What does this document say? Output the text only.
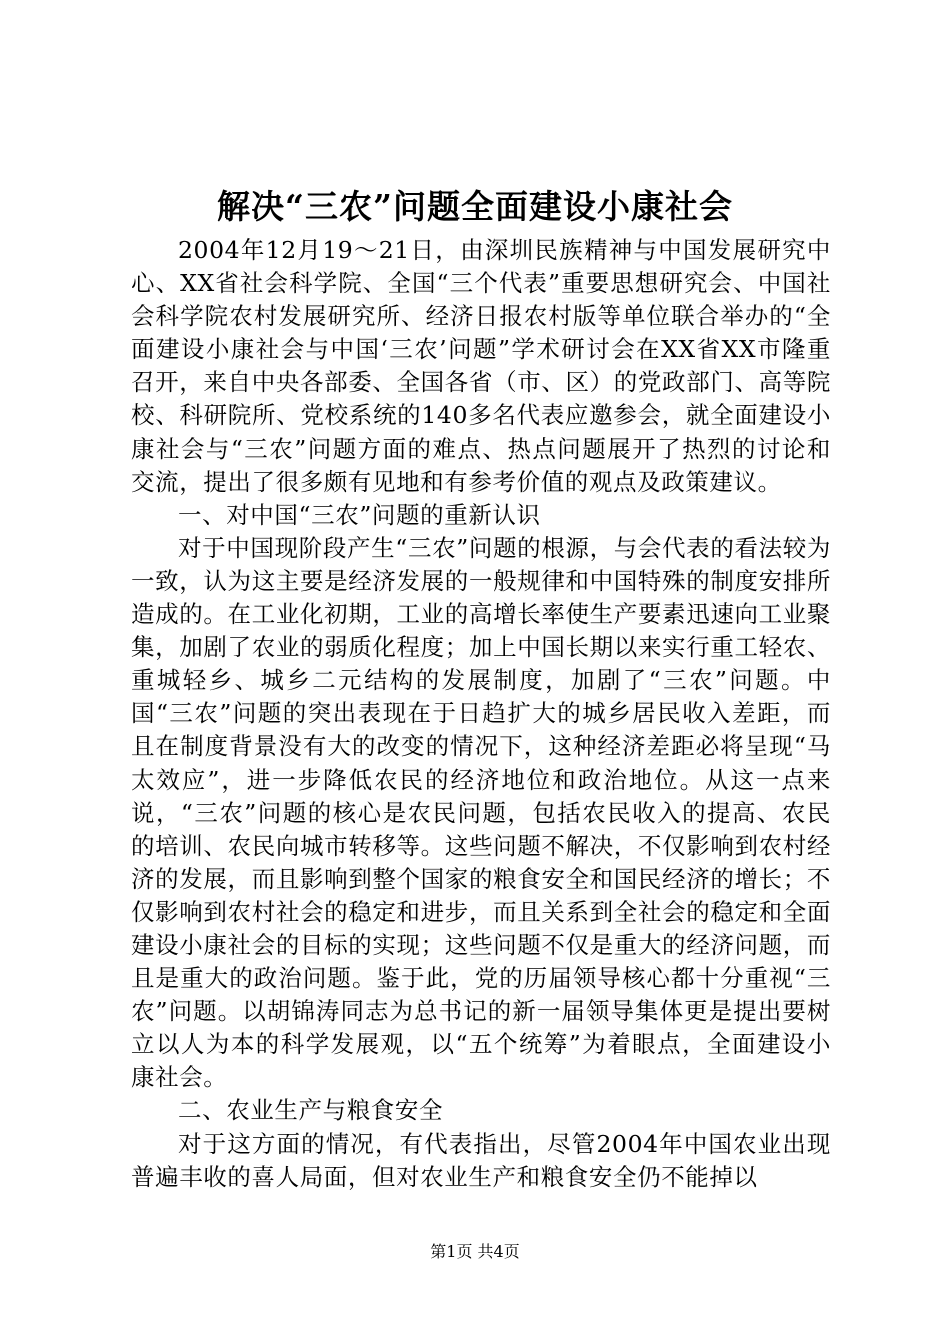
解决“三农”问题全面建设小康社会

2004年12月19～21日，由深圳民族精神与中国发展研究中心、XX省社会科学院、全国“三个代表”重要思想研究会、中国社会科学院农村发展研究所、经济日报农村版等单位联合举办的“全面建设小康社会与中国‘三农’问题”学术研讨会在XX省XX市隆重召开，来自中央各部委、全国各省（市、区）的党政部门、高等院校、科研院所、党校系统的140多名代表应邀参会，就全面建设小康社会与“三农”问题方面的难点、热点问题展开了热烈的讨论和交流，提出了很多颇有见地和有参考价值的观点及政策建议。

一、对中国“三农”问题的重新认识

对于中国现阶段产生“三农”问题的根源，与会代表的看法较为一致，认为这主要是经济发展的一般规律和中国特殊的制度安排所造成的。在工业化初期，工业的高增长率使生产要素迅速向工业聚集，加剧了农业的弱质化程度；加上中国长期以来实行重工轻农、重城轻乡、城乡二元结构的发展制度，加剧了“三农”问题。中国“三农”问题的突出表现在于日趋扩大的城乡居民收入差距，而且在制度背景没有大的改变的情况下，这种经济差距必将呈现“马太效应”，进一步降低农民的经济地位和政治地位。从这一点来说，“三农”问题的核心是农民问题，包括农民收入的提高、农民的培训、农民向城市转移等。这些问题不解决，不仅影响到农村经济的发展，而且影响到整个国家的粮食安全和国民经济的增长；不仅影响到农村社会的稳定和进步，而且关系到全社会的稳定和全面建设小康社会的目标的实现；这些问题不仅是重大的经济问题，而且是重大的政治问题。鉴于此，党的历届领导核心都十分重视“三农”问题。以胡锦涛同志为总书记的新一届领导集体更是提出要树立以人为本的科学发展观，以“五个统筹”为着眼点，全面建设小康社会。

二、农业生产与粮食安全

对于这方面的情况，有代表指出，尽管2004年中国农业出现普遍丰收的喜人局面，但对农业生产和粮食安全仍不能掉以

第1页 共4页
